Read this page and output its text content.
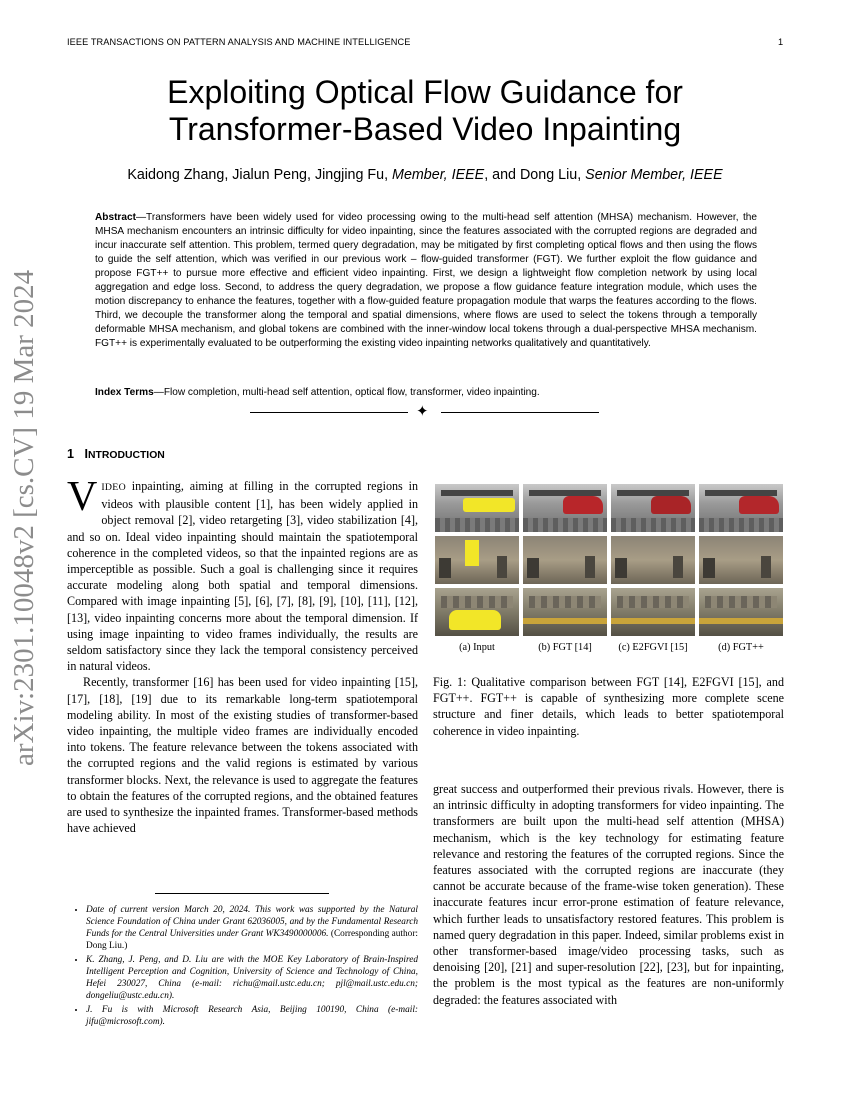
IEEE TRANSACTIONS ON PATTERN ANALYSIS AND MACHINE INTELLIGENCE	1
arXiv:2301.10048v2 [cs.CV] 19 Mar 2024
Exploiting Optical Flow Guidance for
Transformer-Based Video Inpainting
Kaidong Zhang, Jialun Peng, Jingjing Fu, Member, IEEE, and Dong Liu, Senior Member, IEEE
Abstract—Transformers have been widely used for video processing owing to the multi-head self attention (MHSA) mechanism. However, the MHSA mechanism encounters an intrinsic difficulty for video inpainting, since the features associated with the corrupted regions are degraded and incur inaccurate self attention. This problem, termed query degradation, may be mitigated by first completing optical flows and then using the flows to guide the self attention, which was verified in our previous work – flow-guided transformer (FGT). We further exploit the flow guidance and propose FGT++ to pursue more effective and efficient video inpainting. First, we design a lightweight flow completion network by using local aggregation and edge loss. Second, to address the query degradation, we propose a flow guidance feature integration module, which uses the motion discrepancy to enhance the features, together with a flow-guided feature propagation module that warps the features according to the flows. Third, we decouple the transformer along the temporal and spatial dimensions, where flows are used to select the tokens through a temporally deformable MHSA mechanism, and global tokens are combined with the inner-window local tokens through a dual-perspective MHSA mechanism. FGT++ is experimentally evaluated to be outperforming the existing video inpainting networks qualitatively and quantitatively.
Index Terms—Flow completion, multi-head self attention, optical flow, transformer, video inpainting.
✦
1 INTRODUCTION

VIDEO inpainting, aiming at filling in the corrupted regions in videos with plausible content [1], has been widely applied in object removal [2], video retargeting [3], video stabilization [4], and so on. Ideal video inpainting should maintain the spatiotemporal coherence in the completed videos, so that the inpainted regions are as imperceptible as possible. Such a goal is challenging since it requires accurate modeling along both spatial and temporal dimensions. Compared with image inpainting [5], [6], [7], [8], [9], [10], [11], [12], [13], video inpainting concerns more about the temporal dimension. If using image inpainting to video frames individually, the results are seldom satisfactory since they lack the temporal consistency perceived in natural videos.

Recently, transformer [16] has been used for video inpainting [15], [17], [18], [19] due to its remarkable long-term spatiotemporal modeling ability. In most of the existing studies of transformer-based video inpainting, the multiple video frames are individually encoded into tokens. The feature relevance between the tokens associated with the corrupted regions and the valid regions is estimated by various transformer blocks. Next, the relevance is used to aggregate the features to obtain the features of the corrupted regions, and the obtained features are used to synthesize the inpainted frames. Transformer-based methods have achieved

• Date of current version March 20, 2024. This work was supported by the Natural Science Foundation of China under Grant 62036005, and by the Fundamental Research Funds for the Central Universities under Grant WK3490000006. (Corresponding author: Dong Liu.)
• K. Zhang, J. Peng, and D. Liu are with the MOE Key Laboratory of Brain-Inspired Intelligent Perception and Cognition, University of Science and Technology of China, Hefei 230027, China (e-mail: richu@mail.ustc.edu.cn; pjl@mail.ustc.edu.cn; dongeliu@ustc.edu.cn).
• J. Fu is with Microsoft Research Asia, Beijing 100190, China (e-mail: jifu@microsoft.com).
(a) Input	(b) FGT [14]	(c) E2FGVI [15]	(d) FGT++
Fig. 1: Qualitative comparison between FGT [14], E2FGVI [15], and FGT++. FGT++ is capable of synthesizing more complete scene structure and finer details, which leads to better spatiotemporal coherence in video inpainting.

great success and outperformed their previous rivals. However, there is an intrinsic difficulty in adopting transformers for video inpainting. The transformers are built upon the multi-head self attention (MHSA) mechanism, which is the key technology for estimating feature relevance and restoring the features of the corrupted regions. Since the features associated with the corrupted regions are inaccurate (they cannot be accurate because of the frame-wise token generation). These inaccurate features incur error-prone estimation of feature relevance, which further leads to unsatisfactory restored features. This problem is named query degradation in this paper. Indeed, similar problems exist in other transformer-based image/video processing tasks, such as denoising [20], [21] and super-resolution [22], [23], but for inpainting, the problem is the most typical as the features are non-uniformly degraded: the features associated with
